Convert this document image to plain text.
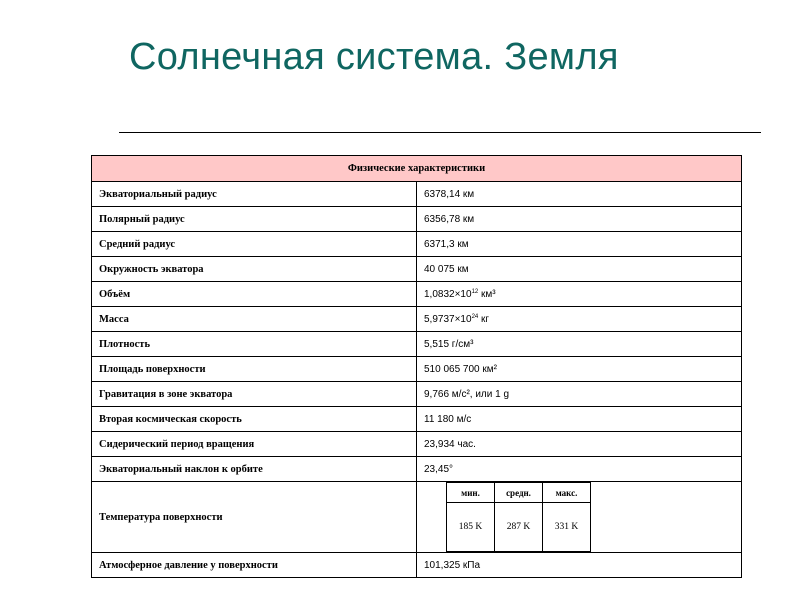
Солнечная система. Земля
Физические характеристики
Экваториальный радиус	6378,14 км
Полярный радиус	6356,78 км
Средний радиус	6371,3 км
Окружность экватора	40 075 км
Объём	$1,0832\times 10^{12}$ км³
Масса	$5,9737\times 10^{24}$ кг
Плотность	5,515 г/см³
Площадь поверхности	510 065 700 км²
Гравитация в зоне экватора	9,766 м/с², или 1 g
Вторая космическая скорость	11 180 м/с
Сидерический период вращения	23,934 час.
Экваториальный наклон к орбите	23,45°
Температура поверхности	
мин.	средн.	макс.
185 K	287 K	331 K

Атмосферное давление у поверхности	101,325 кПа
